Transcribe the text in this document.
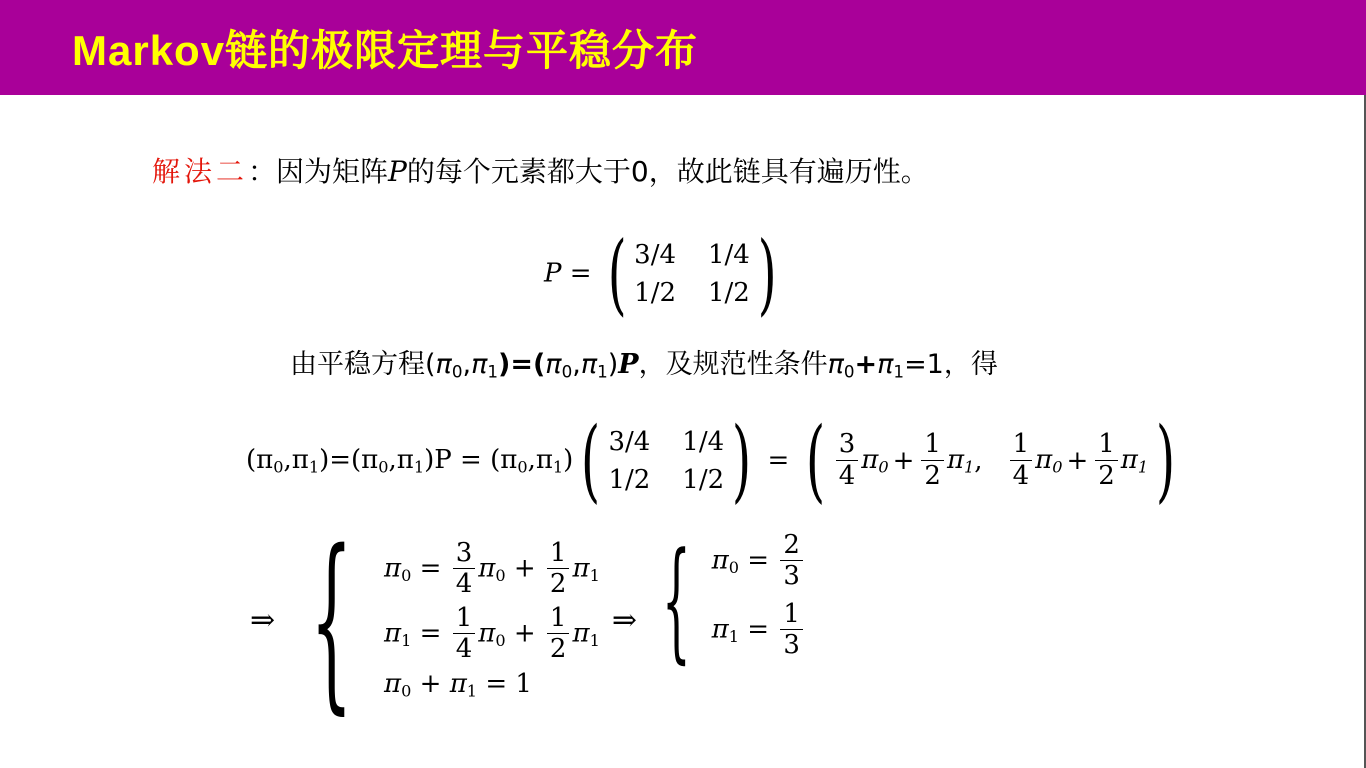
Markov链的极限定理与平稳分布
解法二：因为矩阵P的每个元素都大于0，故此链具有遍历性。
P = ( 3/4 1/4
1/2 1/2 )
由平稳方程$(\pi_0,\pi_1)=(\pi_0,\pi_1)P$，及规范性条件$\pi_0+\pi_1=1$，得
$(\pi_0,\pi_1)=(\pi_0,\pi_1)P = (\pi_0,\pi_1)$( 3/4 1/4
1/2 1/2 ) = ( $\frac{3}{4} \pi_0 + \frac{1}{2} \pi_1$, $\frac{1}{4} \pi_0 + \frac{1}{2} \pi_1$)
⇒ { $\pi_0 = \frac{3}{4} \pi_0 + \frac{1}{2} \pi_1$
$\pi_1 = \frac{1}{4} \pi_0 + \frac{1}{2} \pi_1$
$\pi_0 + \pi_1 = 1$
⇒ { $\pi_0 = \frac{2}{3}$
$\pi_1 = \frac{1}{3}$
